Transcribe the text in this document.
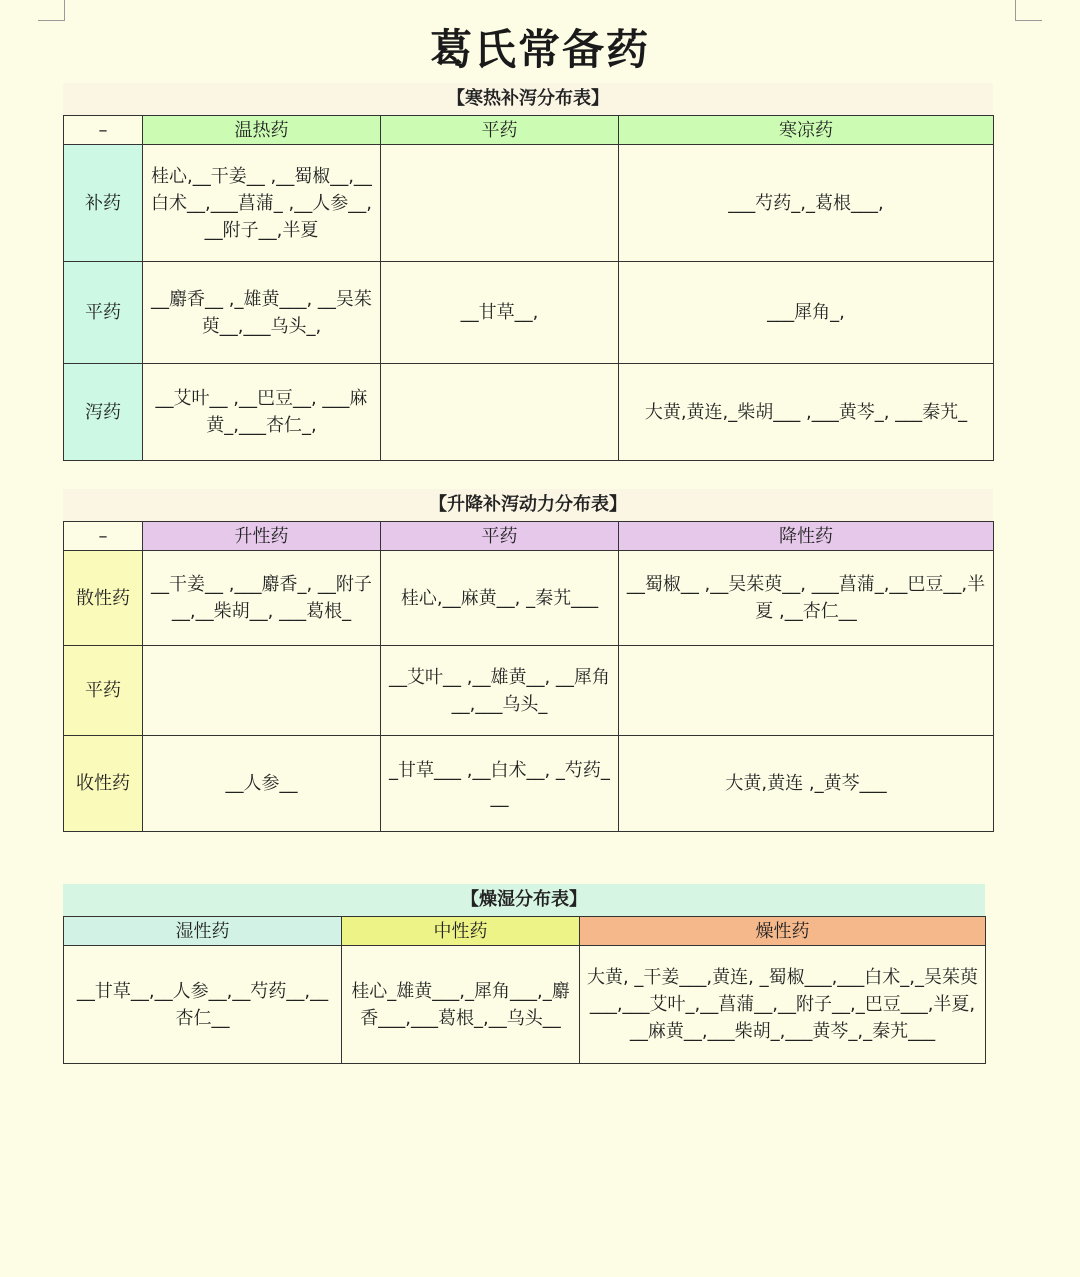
葛氏常备药
【寒热补泻分布表】
–	温热药	平药	寒凉药
补药	桂心,__干姜__ ,__蜀椒__,__白术__,___菖蒲_ ,__人参__,__附子__,半夏		___芍药_,_葛根___,
平药	__麝香__ ,_雄黄___, __吴茱萸__,___乌头_,	__甘草__,	___犀角_,
泻药	__艾叶__ ,__巴豆__, ___麻黄_,___杏仁_,		大黄,黄连,_柴胡___ ,___黄芩_, ___秦艽_
【升降补泻动力分布表】
–	升性药	平药	降性药
散性药	__干姜__ ,___麝香_, __附子__,__柴胡__, ___葛根_	桂心,__麻黄__, _秦艽___	__蜀椒__ ,__吴茱萸__, ___菖蒲_,__巴豆__,半夏 ,__杏仁__
平药		__艾叶__ ,__雄黄__, __犀角__,___乌头_	
收性药	__人参__	_甘草___ ,__白术__, _芍药___	大黄,黄连 ,_黄芩___
【燥湿分布表】
湿性药	中性药	燥性药
__甘草__,__人参__,__芍药__,__杏仁__	桂心_雄黄___,_犀角___,_麝香___,___葛根_,__乌头__	大黄, _干姜___,黄连, _蜀椒___,___白术_,_吴茱萸___,___艾叶_,__菖蒲__,__附子__,_巴豆___,半夏, __麻黄__,___柴胡_,___黄芩_,_秦艽___
